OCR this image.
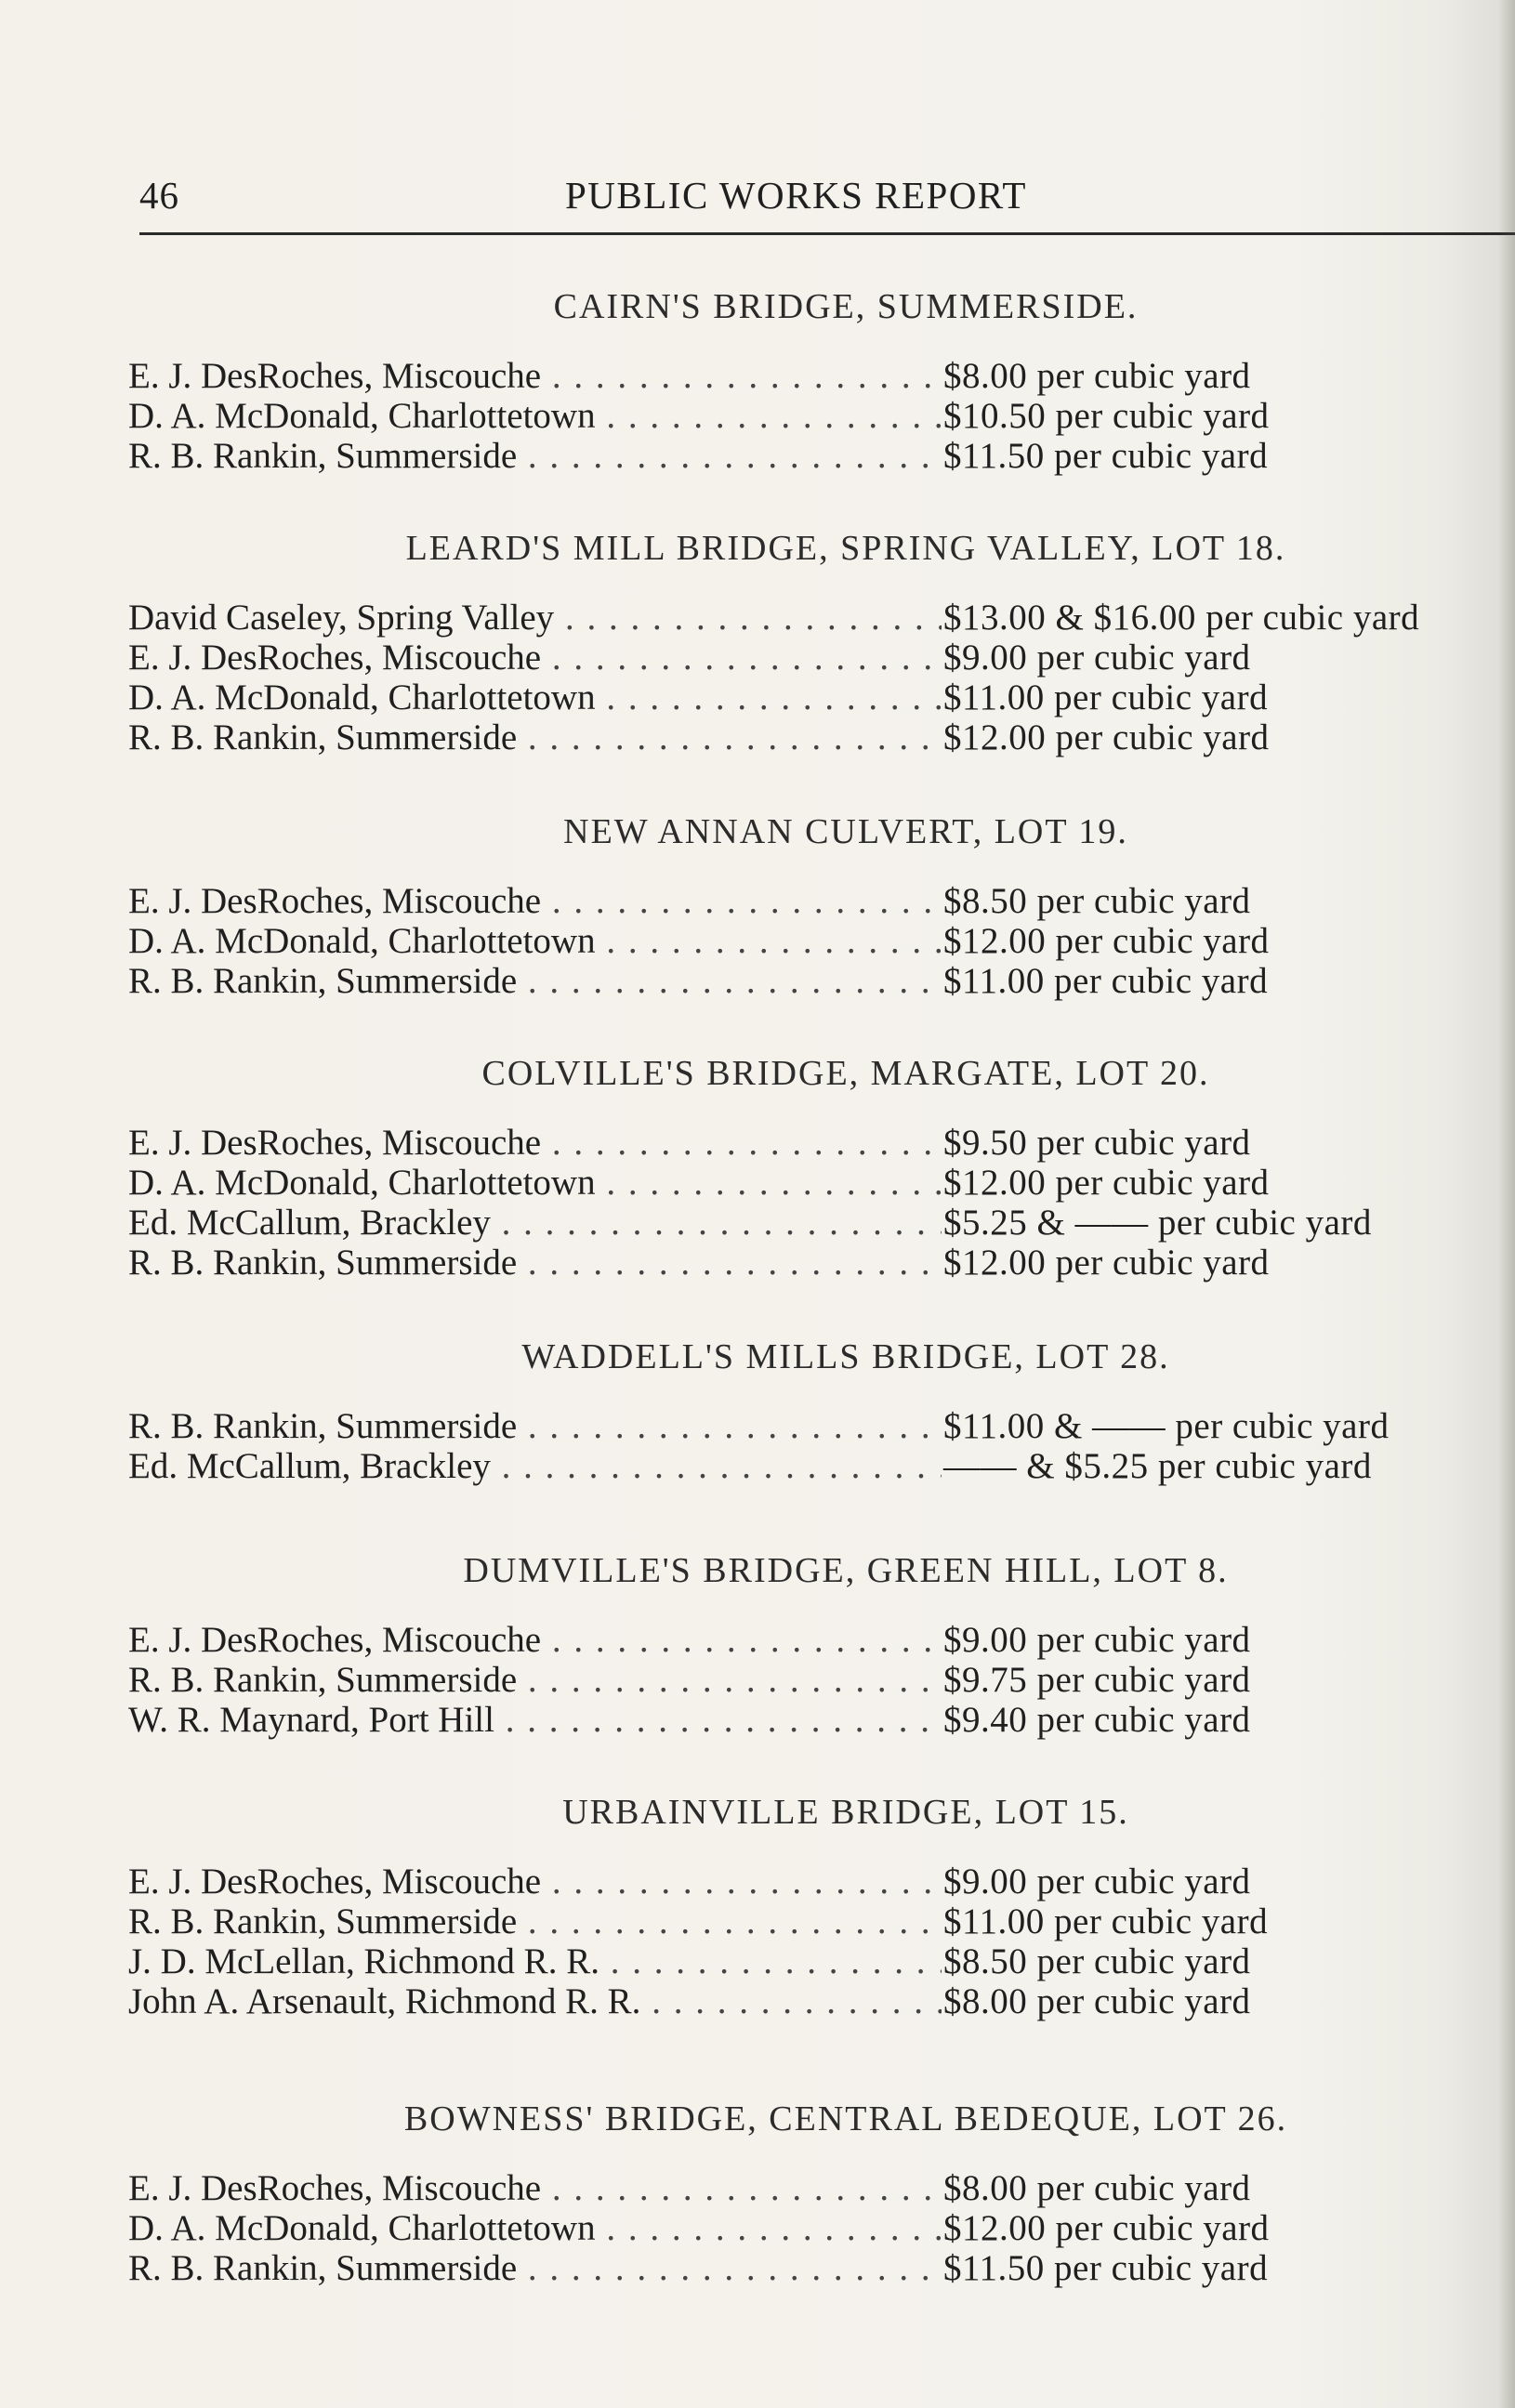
46	PUBLIC WORKS REPORT
CAIRN'S BRIDGE, SUMMERSIDE.
E. J. DesRoches, Miscouche . . .	$8.00 per cubic yard
D. A. McDonald, Charlottetown . . .	$10.50 per cubic yard
R. B. Rankin, Summerside . . .	$11.50 per cubic yard
LEARD'S MILL BRIDGE, SPRING VALLEY, LOT 18.
David Caseley, Spring Valley . . .	$13.00 & $16.00 per cubic yard
E. J. DesRoches, Miscouche . . .	$9.00 per cubic yard
D. A. McDonald, Charlottetown . . .	$11.00 per cubic yard
R. B. Rankin, Summerside . . .	$12.00 per cubic yard
NEW ANNAN CULVERT, LOT 19.
E. J. DesRoches, Miscouche . . .	$8.50 per cubic yard
D. A. McDonald, Charlottetown . . .	$12.00 per cubic yard
R. B. Rankin, Summerside . . .	$11.00 per cubic yard
COLVILLE'S BRIDGE, MARGATE, LOT 20.
E. J. DesRoches, Miscouche . . .	$9.50 per cubic yard
D. A. McDonald, Charlottetown . . .	$12.00 per cubic yard
Ed. McCallum, Brackley . . .	$5.25 & —— per cubic yard
R. B. Rankin, Summerside . . .	$12.00 per cubic yard
WADDELL'S MILLS BRIDGE, LOT 28.
R. B. Rankin, Summerside . . .	$11.00 & —— per cubic yard
Ed. McCallum, Brackley . . .	—— & $5.25 per cubic yard
DUMVILLE'S BRIDGE, GREEN HILL, LOT 8.
E. J. DesRoches, Miscouche . . .	$9.00 per cubic yard
R. B. Rankin, Summerside . . .	$9.75 per cubic yard
W. R. Maynard, Port Hill . . .	$9.40 per cubic yard
URBAINVILLE BRIDGE, LOT 15.
E. J. DesRoches, Miscouche . . .	$9.00 per cubic yard
R. B. Rankin, Summerside . . .	$11.00 per cubic yard
J. D. McLellan, Richmond R. R. . . .	$8.50 per cubic yard
John A. Arsenault, Richmond R. R. . . .	$8.00 per cubic yard
BOWNESS' BRIDGE, CENTRAL BEDEQUE, LOT 26.
E. J. DesRoches, Miscouche . . .	$8.00 per cubic yard
D. A. McDonald, Charlottetown . . .	$12.00 per cubic yard
R. B. Rankin, Summerside . . .	$11.50 per cubic yard
